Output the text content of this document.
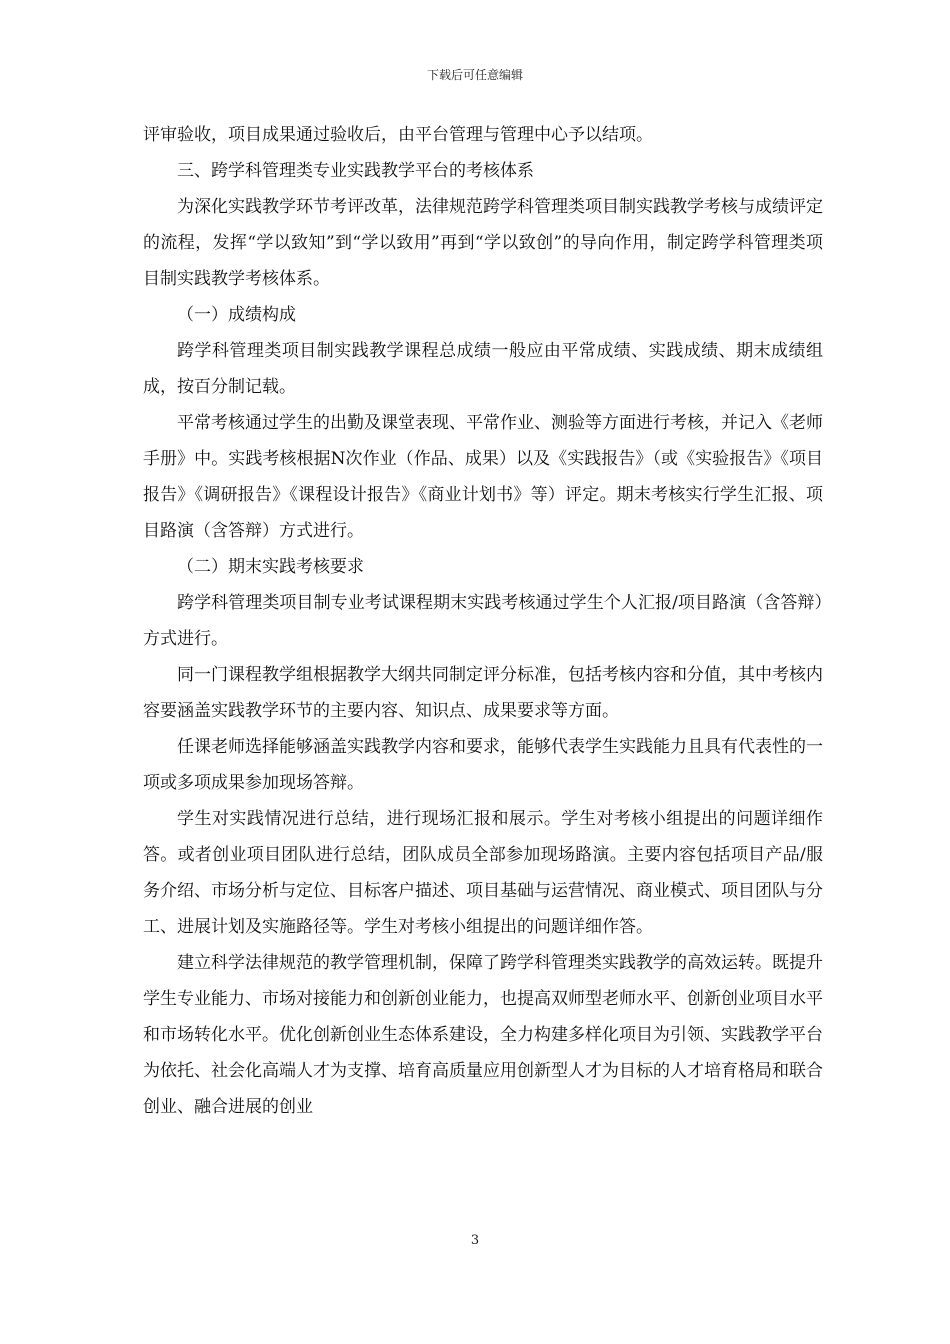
下载后可任意编辑

评审验收，项目成果通过验收后，由平台管理与管理中心予以结项。

三、跨学科管理类专业实践教学平台的考核体系

为深化实践教学环节考评改革，法律规范跨学科管理类项目制实践教学考核与成绩评定的流程，发挥“学以致知”到“学以致用”再到“学以致创”的导向作用，制定跨学科管理类项目制实践教学考核体系。

（一）成绩构成

跨学科管理类项目制实践教学课程总成绩一般应由平常成绩、实践成绩、期末成绩组成，按百分制记载。

平常考核通过学生的出勤及课堂表现、平常作业、测验等方面进行考核，并记入《老师手册》中。实践考核根据N次作业（作品、成果）以及《实践报告》（或《实验报告》《项目报告》《调研报告》《课程设计报告》《商业计划书》等）评定。期末考核实行学生汇报、项目路演（含答辩）方式进行。

（二）期末实践考核要求

跨学科管理类项目制专业考试课程期末实践考核通过学生个人汇报/项目路演（含答辩）方式进行。

同一门课程教学组根据教学大纲共同制定评分标准，包括考核内容和分值，其中考核内容要涵盖实践教学环节的主要内容、知识点、成果要求等方面。

任课老师选择能够涵盖实践教学内容和要求，能够代表学生实践能力且具有代表性的一项或多项成果参加现场答辩。

学生对实践情况进行总结，进行现场汇报和展示。学生对考核小组提出的问题详细作答。或者创业项目团队进行总结，团队成员全部参加现场路演。主要内容包括项目产品/服务介绍、市场分析与定位、目标客户描述、项目基础与运营情况、商业模式、项目团队与分工、进展计划及实施路径等。学生对考核小组提出的问题详细作答。

建立科学法律规范的教学管理机制，保障了跨学科管理类实践教学的高效运转。既提升学生专业能力、市场对接能力和创新创业能力，也提高双师型老师水平、创新创业项目水平和市场转化水平。优化创新创业生态体系建设，全力构建多样化项目为引领、实践教学平台为依托、社会化高端人才为支撑、培育高质量应用创新型人才为目标的人才培育格局和联合创业、融合进展的创业

3
